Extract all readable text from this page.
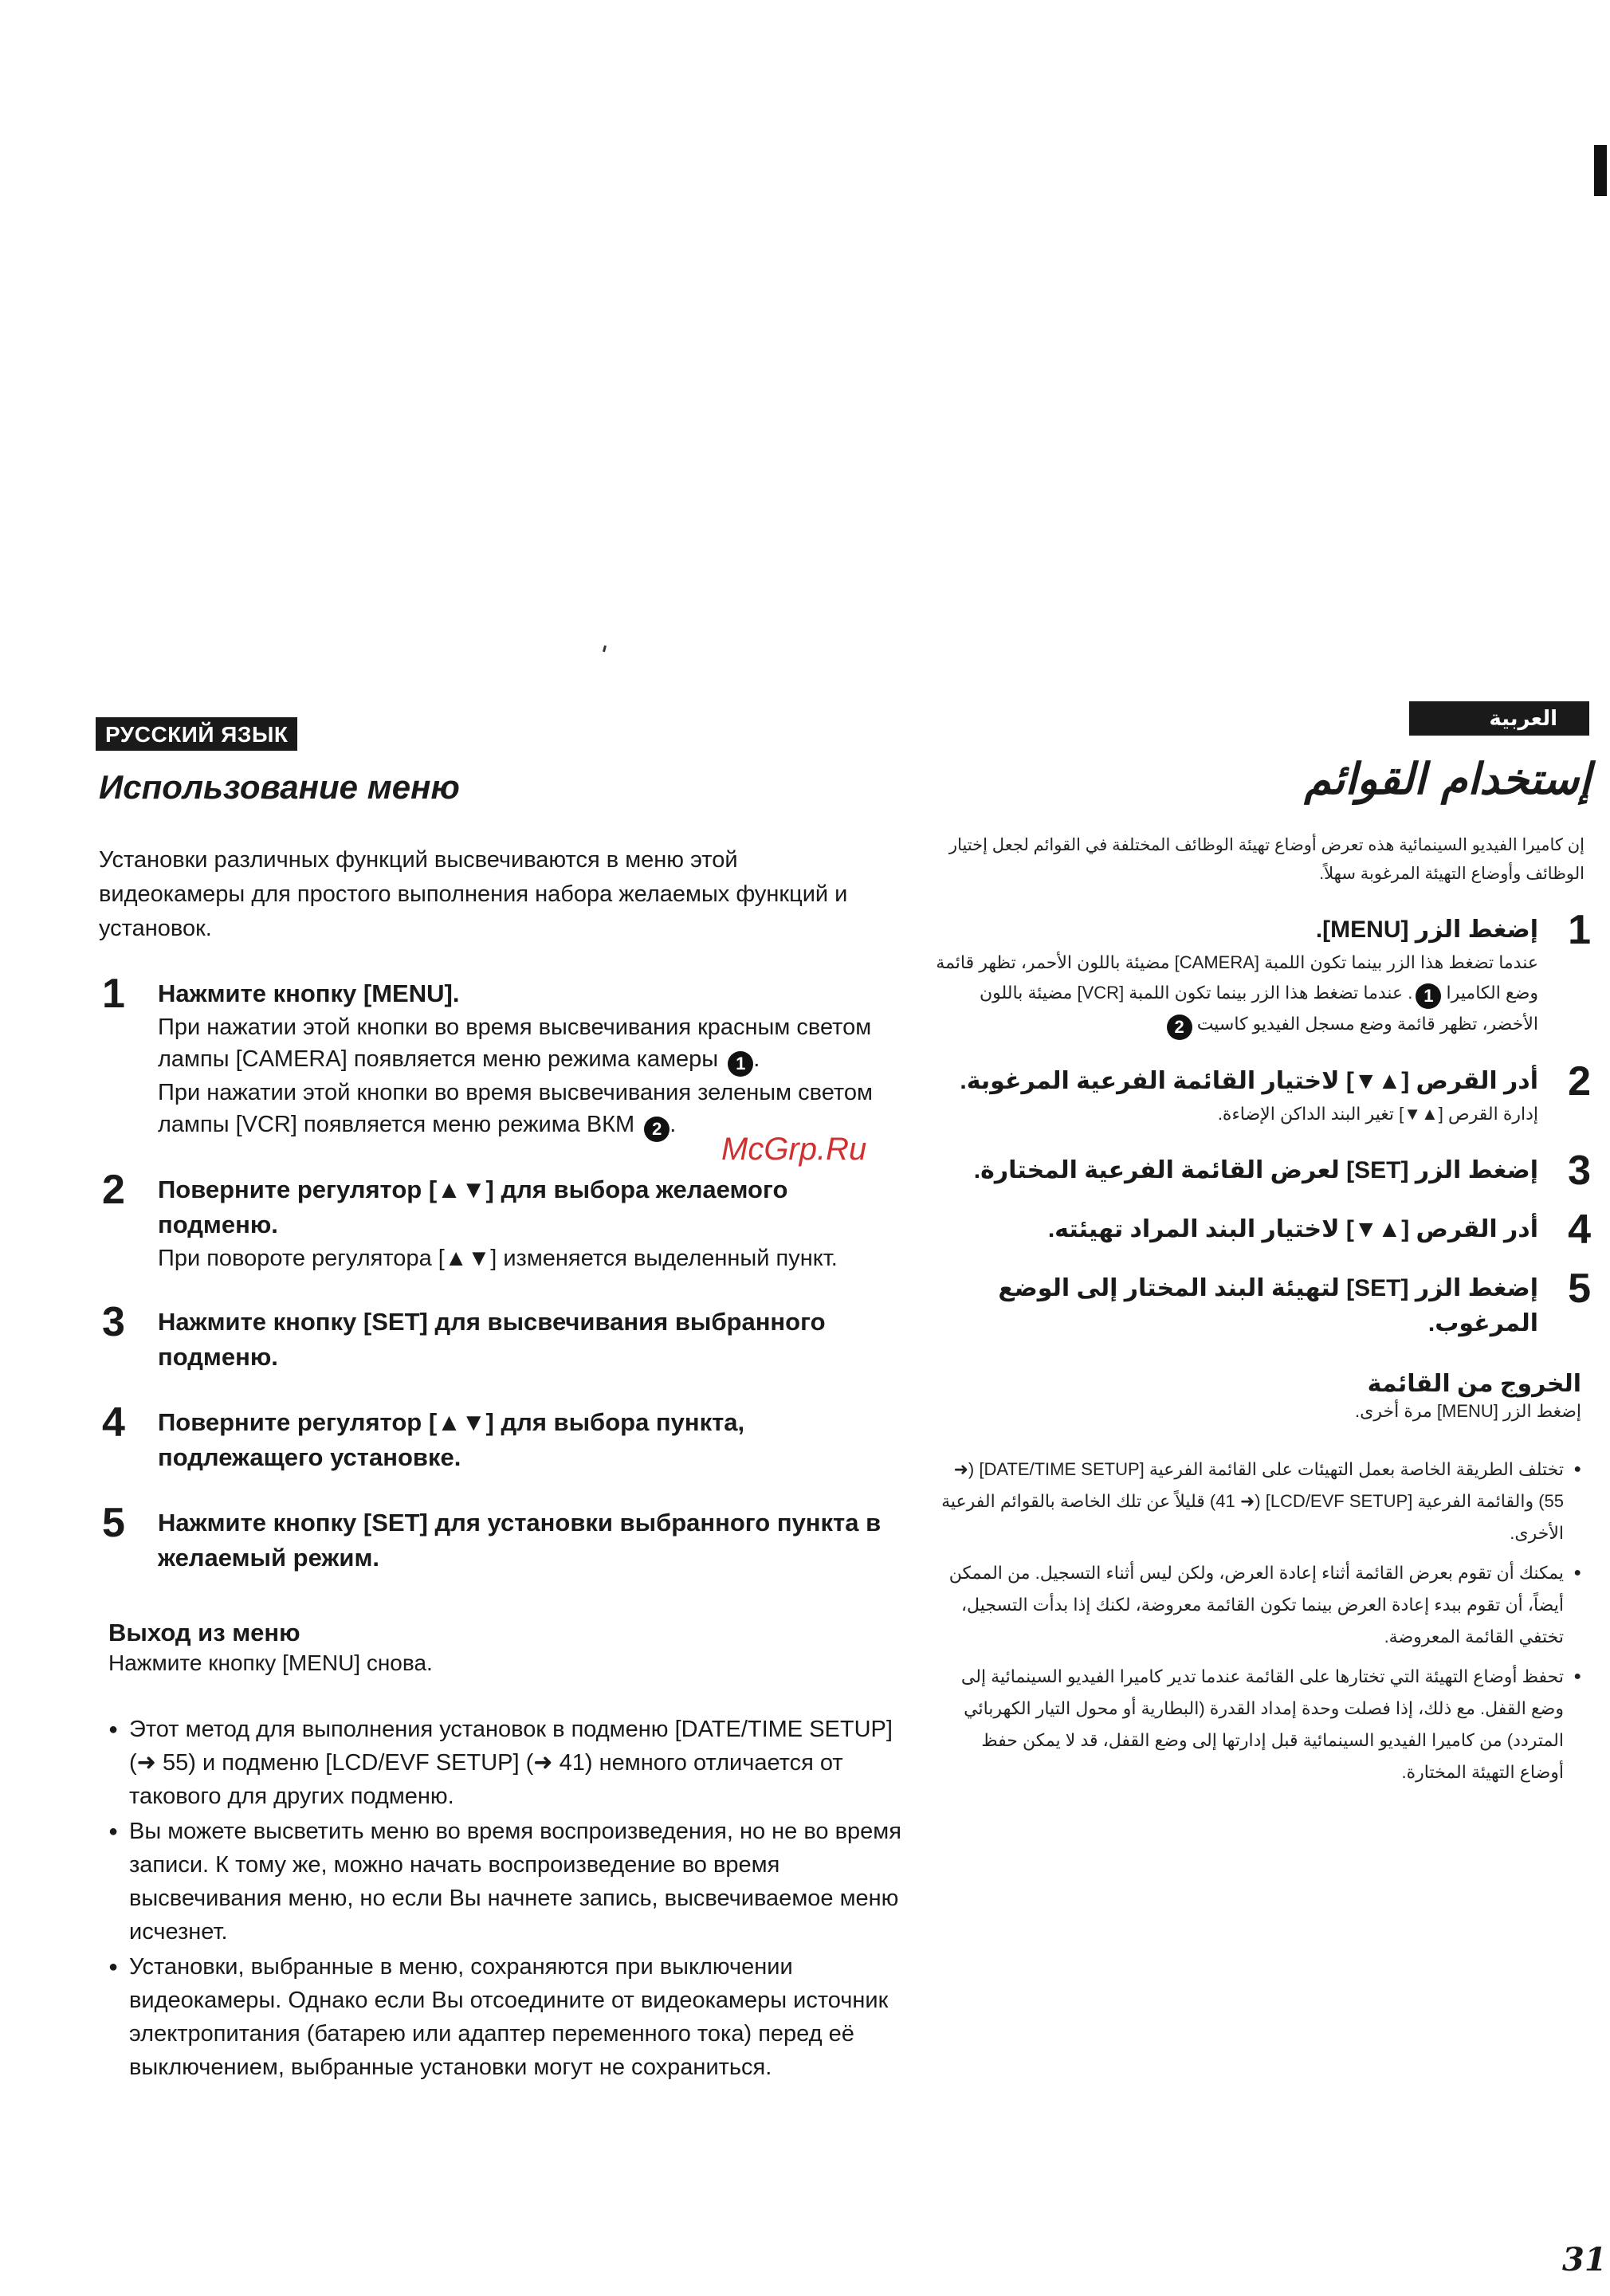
РУССКИЙ ЯЗЫК
Использование меню
Установки различных функций высвечиваются в меню этой видеокамеры для простого выполнения набора желаемых функций и установок.
1 Нажмите кнопку [MENU].
При нажатии этой кнопки во время высвечивания красным светом лампы [CAMERA] появляется меню режима камеры 1 .
При нажатии этой кнопки во время высвечивания зеленым светом лампы [VCR] появляется меню режима ВКМ 2 .
2 Поверните регулятор [▲▼] для выбора желаемого подменю.
При повороте регулятора [▲▼] изменяется выделенный пункт.
3 Нажмите кнопку [SET] для высвечивания выбранного подменю.
4 Поверните регулятор [▲▼] для выбора пункта, подлежащего установке.
5 Нажмите кнопку [SET] для установки выбранного пункта в желаемый режим.
Выход из меню
Нажмите кнопку [MENU] снова.
● Этот метод для выполнения установок в подменю [DATE/TIME SETUP] (➜ 55) и подменю [LCD/EVF SETUP] (➜ 41) немного отличается от такового для других подменю.
● Вы можете высветить меню во время воспроизведения, но не во время записи. К тому же, можно начать воспроизведение во время высвечивания меню, но если Вы начнете запись, высвечиваемое меню исчезнет.
● Установки, выбранные в меню, сохраняются при выключении видеокамеры. Однако если Вы отсоедините от видеокамеры источник электропитания (батарею или адаптер переменного тока) перед её выключением, выбранные установки могут не сохраниться.
McGrp.Ru
العربية
إستخدام القوائم
إن كاميرا الفيديو السينمائية هذه تعرض أوضاع تهيئة الوظائف المختلفة في القوائم لجعل إختيار الوظائف وأوضاع التهيئة المرغوبة سهلاً.
1
إضغط الزر [MENU].
عندما تضغط هذا الزر بينما تكون اللمبة [CAMERA] مضيئة باللون الأحمر، تظهر قائمة وضع الكاميرا 1. عندما تضغط هذا الزر بينما تكون اللمبة [VCR] مضيئة باللون الأخضر، تظهر قائمة وضع مسجل الفيديو كاسيت 2
2
أدر القرص [▲▼] لاختيار القائمة الفرعية المرغوبة.
إدارة القرص [▲▼] تغير البند الداكن الإضاءة.
3
إضغط الزر [SET] لعرض القائمة الفرعية المختارة.
4
أدر القرص [▲▼] لاختيار البند المراد تهيئته.
5
إضغط الزر [SET] لتهيئة البند المختار إلى الوضع المرغوب.
الخروج من القائمة
إضغط الزر [MENU] مرة أخرى.
● تختلف الطريقة الخاصة بعمل التهيئات على القائمة الفرعية [DATE/TIME SETUP] (➜ 55) والقائمة الفرعية [LCD/EVF SETUP] (➜ 41) قليلاً عن تلك الخاصة بالقوائم الفرعية الأخرى.
● يمكنك أن تقوم بعرض القائمة أثناء إعادة العرض، ولكن ليس أثناء التسجيل. من الممكن أيضاً، أن تقوم ببدء إعادة العرض بينما تكون القائمة معروضة، لكنك إذا بدأت التسجيل، تختفي القائمة المعروضة.
● تحفظ أوضاع التهيئة التي تختارها على القائمة عندما تدير كاميرا الفيديو السينمائية إلى وضع القفل. مع ذلك، إذا فصلت وحدة إمداد القدرة (البطارية أو محول التيار الكهربائي المتردد) من كاميرا الفيديو السينمائية قبل إدارتها إلى وضع القفل، قد لا يمكن حفظ أوضاع التهيئة المختارة.
31
